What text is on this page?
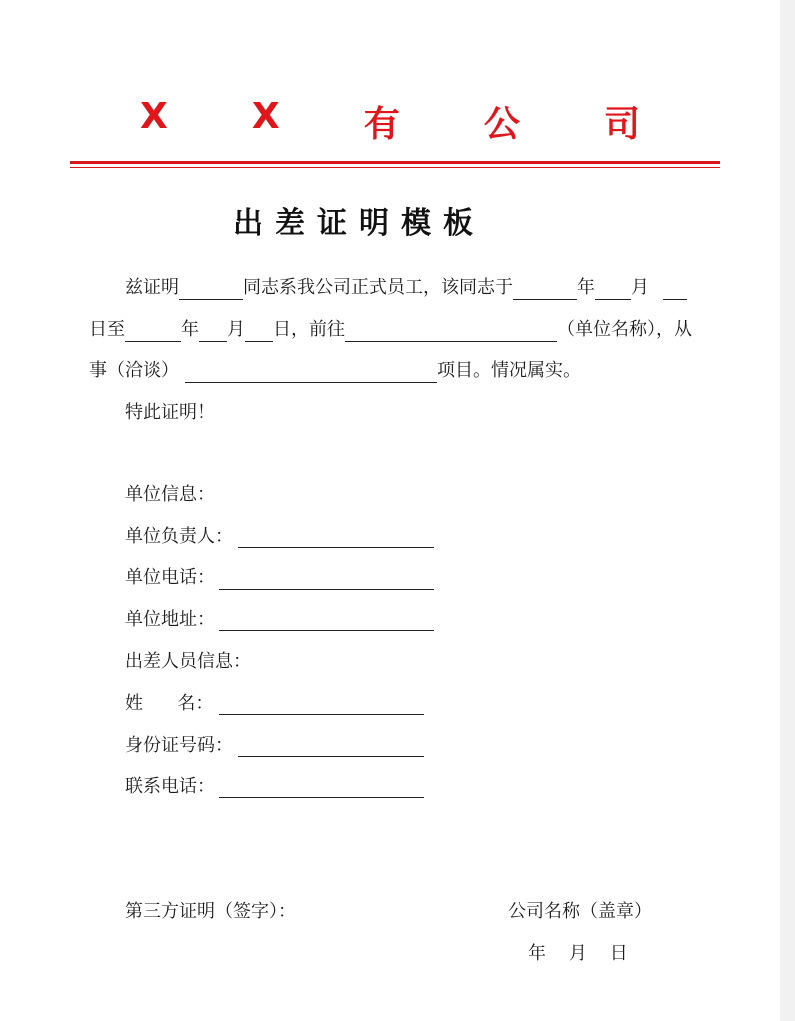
X X 有 公 司
出差证明模板
兹证明	同志系我公司正式员工，该同志于	年 月
日至	年 月 日，前往	（单位名称），从
事（洽谈）	项目。情况属实。
特此证明！
单位信息：
单位负责人：
单位电话：
单位地址：
出差人员信息：
姓      名：
身份证号码：
联系电话：
第三方证明（签字）：	公司名称（盖章）
年    月    日
